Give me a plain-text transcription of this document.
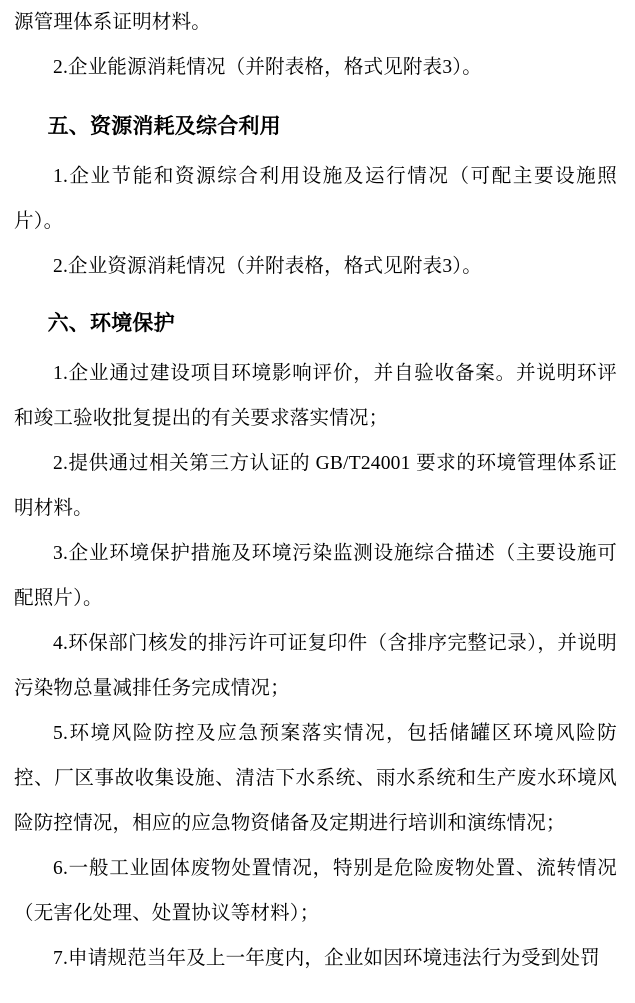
源管理体系证明材料。

2.企业能源消耗情况（并附表格，格式见附表3）。

五、资源消耗及综合利用

1.企业节能和资源综合利用设施及运行情况（可配主要设施照片）。

2.企业资源消耗情况（并附表格，格式见附表3）。

六、环境保护

1.企业通过建设项目环境影响评价，并自验收备案。并说明环评和竣工验收批复提出的有关要求落实情况；

2.提供通过相关第三方认证的 GB/T24001 要求的环境管理体系证明材料。

3.企业环境保护措施及环境污染监测设施综合描述（主要设施可配照片）。

4.环保部门核发的排污许可证复印件（含排序完整记录），并说明污染物总量减排任务完成情况；

5.环境风险防控及应急预案落实情况，包括储罐区环境风险防控、厂区事故收集设施、清洁下水系统、雨水系统和生产废水环境风险防控情况，相应的应急物资储备及定期进行培训和演练情况；

6.一般工业固体废物处置情况，特别是危险废物处置、流转情况（无害化处理、处置协议等材料）；

7.申请规范当年及上一年度内，企业如因环境违法行为受到处罚
